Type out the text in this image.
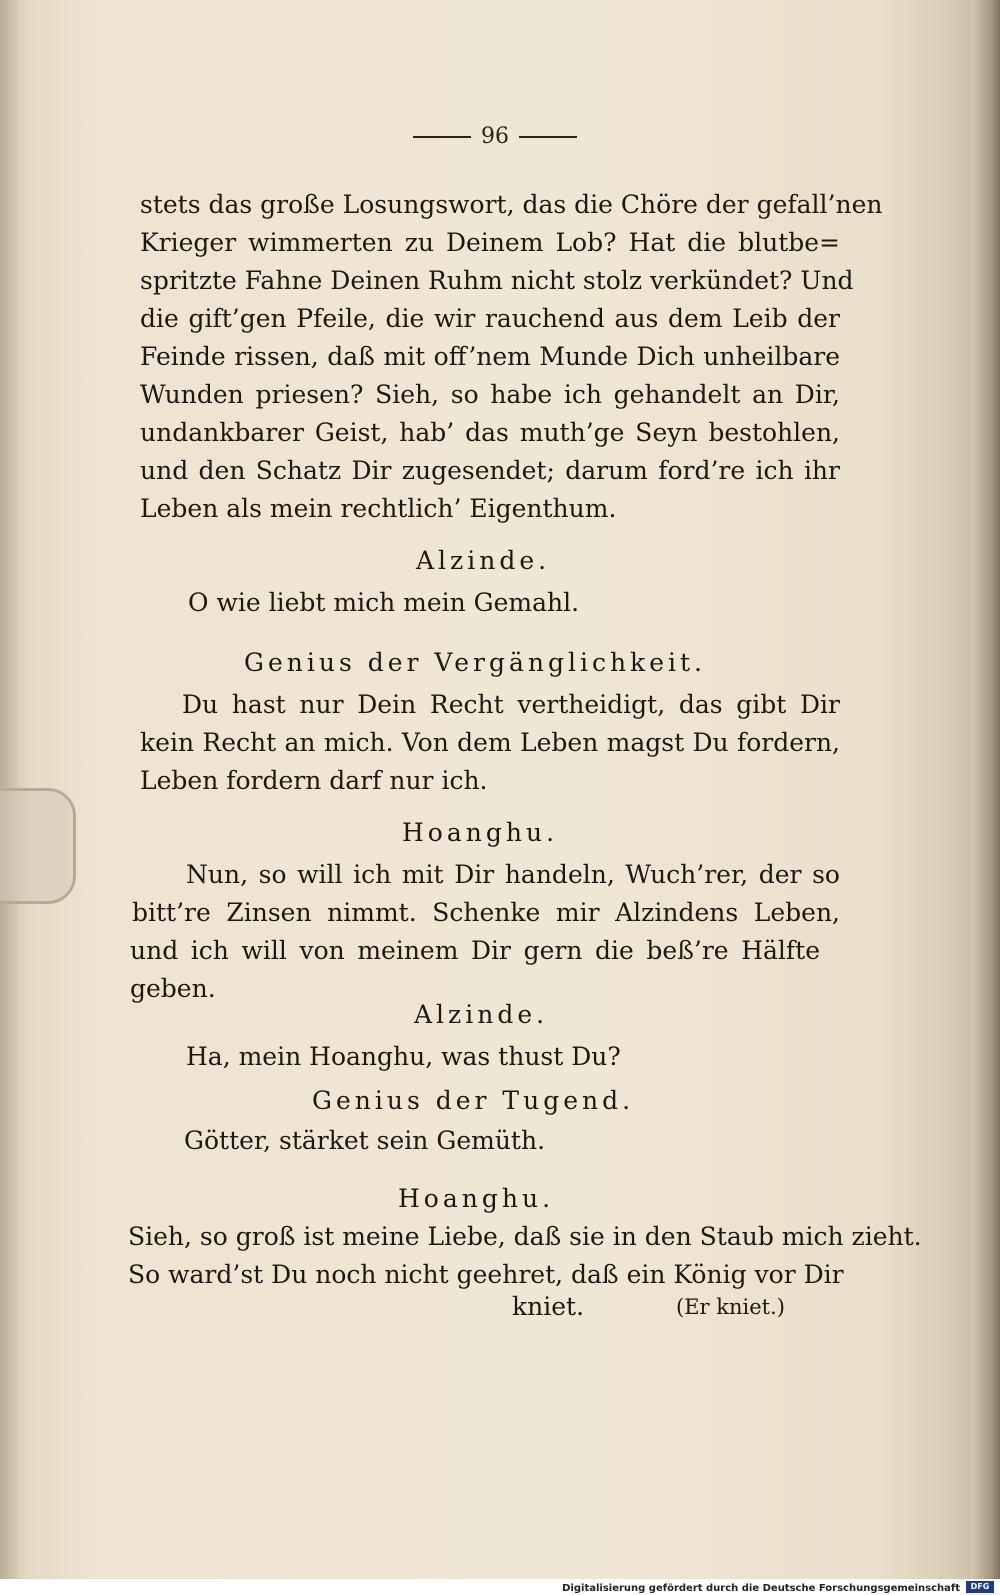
96
stets das große Losungswort, das die Chöre der gefall’nen
Krieger wimmerten zu Deinem Lob? Hat die blutbe=
spritzte Fahne Deinen Ruhm nicht stolz verkündet? Und
die gift’gen Pfeile, die wir rauchend aus dem Leib der
Feinde rissen, daß mit off’nem Munde Dich unheilbare
Wunden priesen? Sieh, so habe ich gehandelt an Dir,
undankbarer Geist, hab’ das muth’ge Seyn bestohlen,
und den Schatz Dir zugesendet; darum ford’re ich ihr
Leben als mein rechtlich’ Eigenthum.
Alzinde.
O wie liebt mich mein Gemahl.
Genius der Vergänglichkeit.
Du hast nur Dein Recht vertheidigt, das gibt Dir
kein Recht an mich. Von dem Leben magst Du fordern,
Leben fordern darf nur ich.
Hoanghu.
Nun, so will ich mit Dir handeln, Wuch’rer, der so
bitt’re Zinsen nimmt. Schenke mir Alzindens Leben,
und ich will von meinem Dir gern die beß’re Hälfte
geben.
Alzinde.
Ha, mein Hoanghu, was thust Du?
Genius der Tugend.
Götter, stärket sein Gemüth.
Hoanghu.
Sieh, so groß ist meine Liebe, daß sie in den Staub mich zieht.
So ward’st Du noch nicht geehret, daß ein König vor Dir
kniet.	(Er kniet.)
Digitalisierung gefördert durch die Deutsche Forschungsgemeinschaft	DFG
